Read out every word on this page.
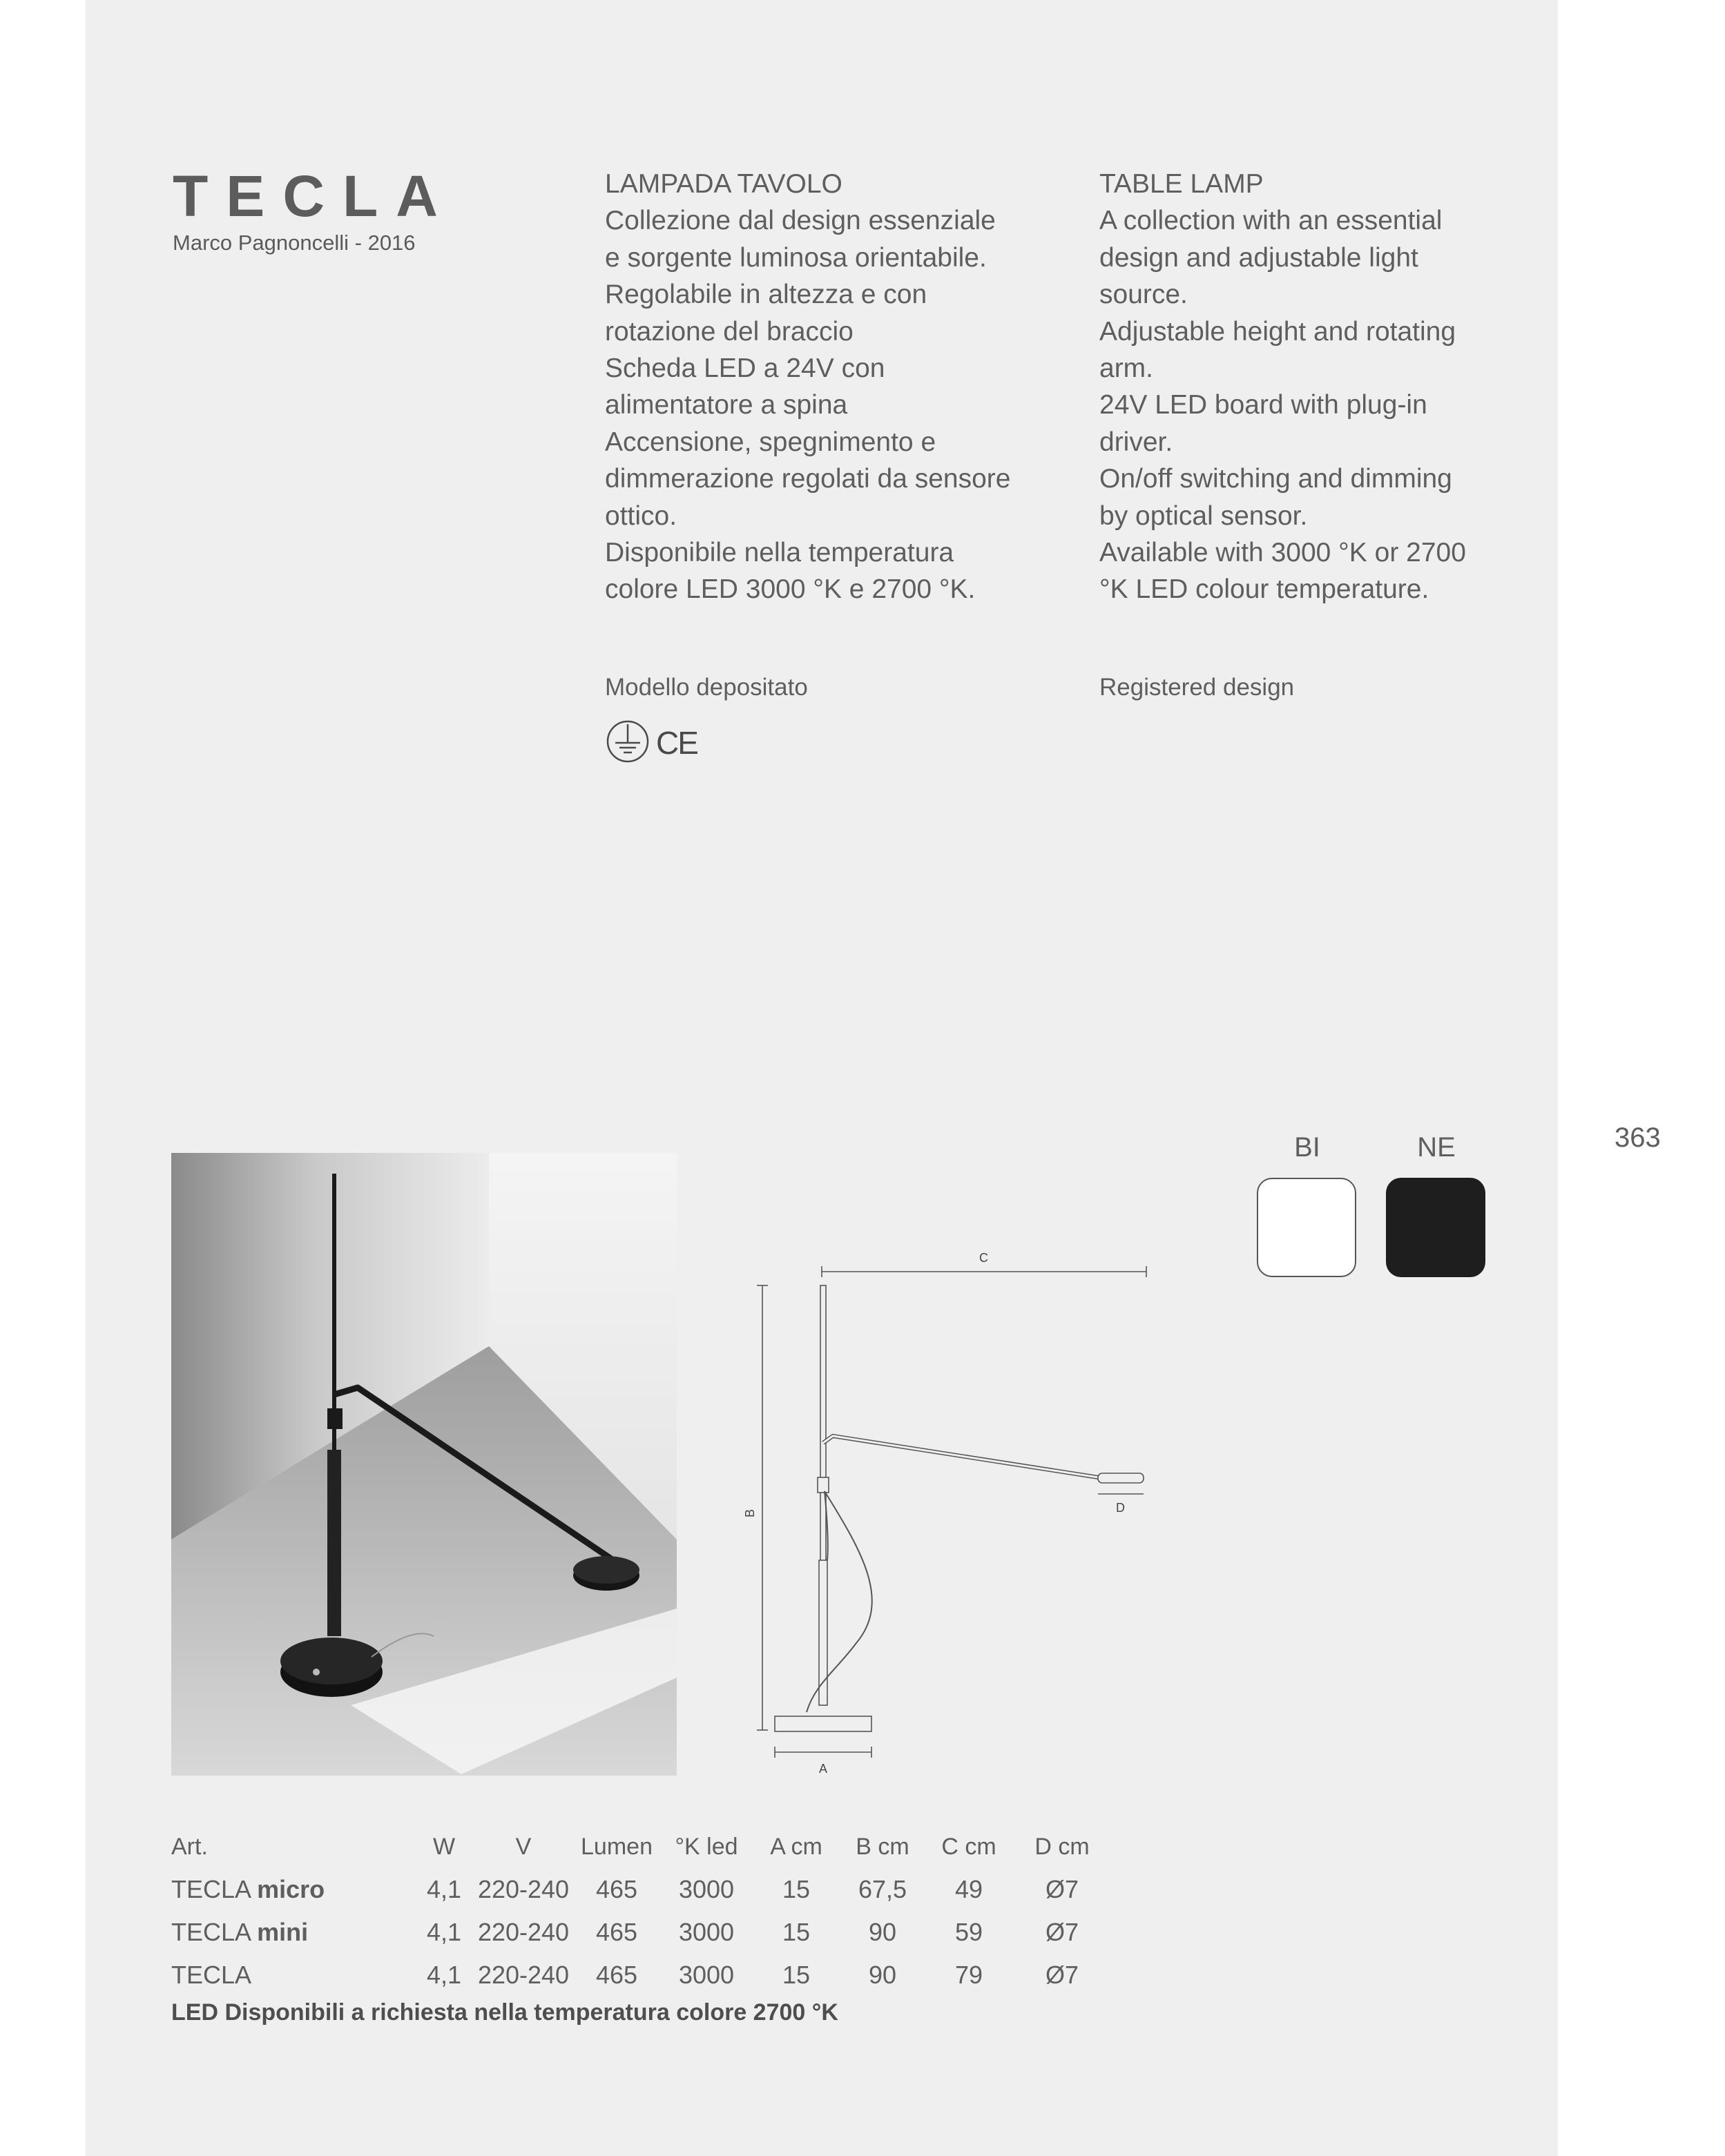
TECLA
Marco Pagnoncelli - 2016

LAMPADA TAVOLO

Collezione dal design essenziale

e sorgente luminosa orientabile.

Regolabile in altezza e con

rotazione del braccio

Scheda LED a 24V con

alimentatore a spina

Accensione, spegnimento e

dimmerazione regolati da sensore

ottico.

Disponibile nella temperatura

colore LED 3000 °K e 2700 °K.

TABLE LAMP

A collection with an essential

design and adjustable light

source.

Adjustable height and rotating

arm.

24V LED board with plug-in

driver.

On/off switching and dimming

by optical sensor.

Available with 3000 °K or 2700

°K LED colour temperature.

Modello depositato	Registered design
CE
363
BI	NE
C
B	D
A
Art.	W	V	Lumen	°K led	A cm	B cm	C cm	D cm
TECLA micro	4,1	220-240	465	3000	15	67,5	49	Ø7
TECLA mini	4,1	220-240	465	3000	15	90	59	Ø7
TECLA	4,1	220-240	465	3000	15	90	79	Ø7
LED Disponibili a richiesta nella temperatura colore 2700 °K
